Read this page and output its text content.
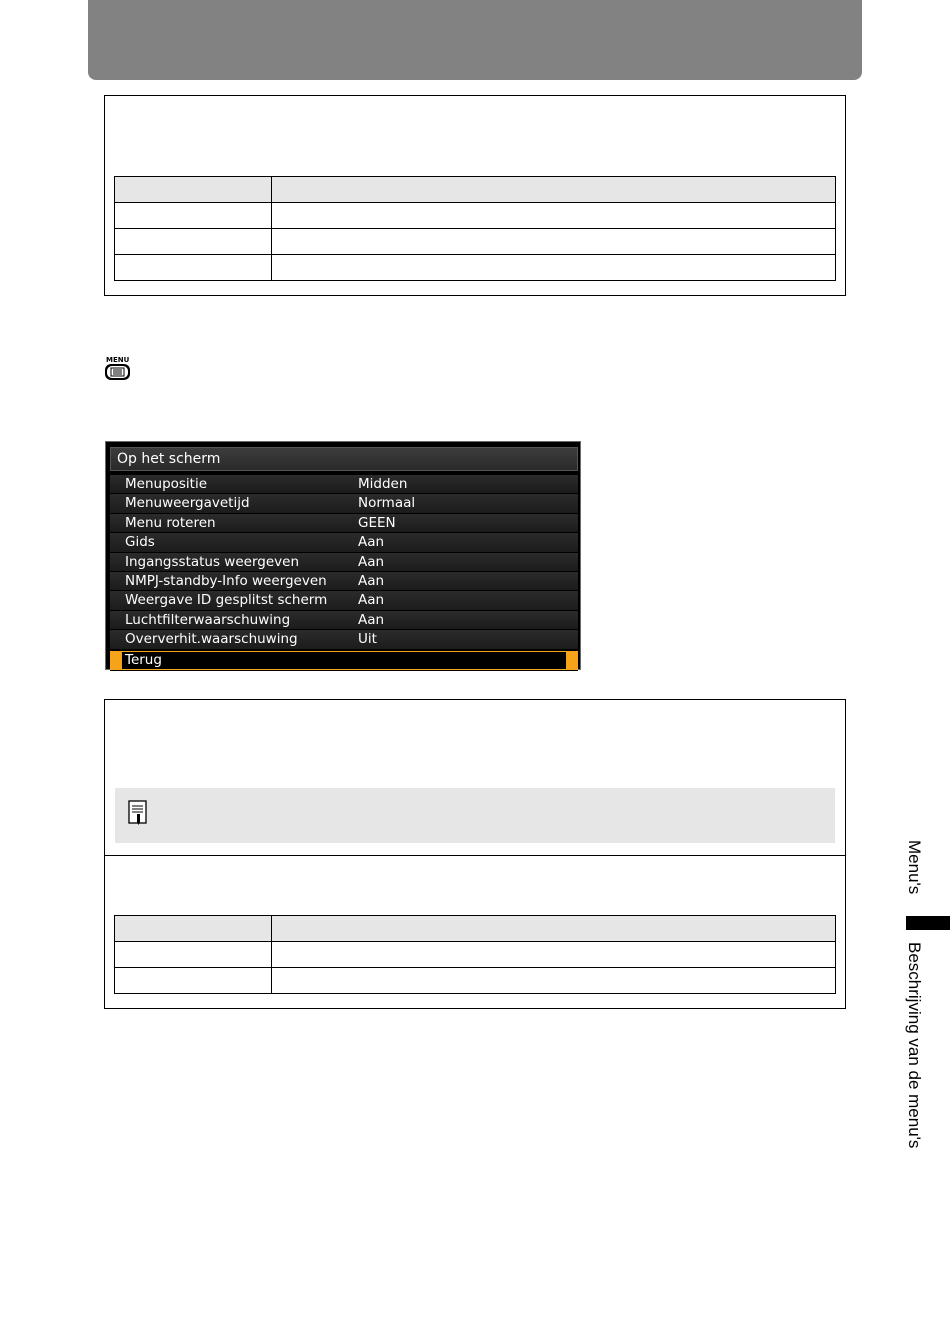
MENU
Op het scherm
Menupositie	Midden
Menuweergavetijd	Normaal
Menu roteren	GEEN
Gids	Aan
Ingangsstatus weergeven	Aan
NMPJ-standby-Info weergeven Aan
Weergave ID gesplitst scherm Aan
Luchtfilterwaarschuwing	Aan
Oververhit.waarschuwing	Uit
Terug

Menu's
Beschrijving van de menu's
